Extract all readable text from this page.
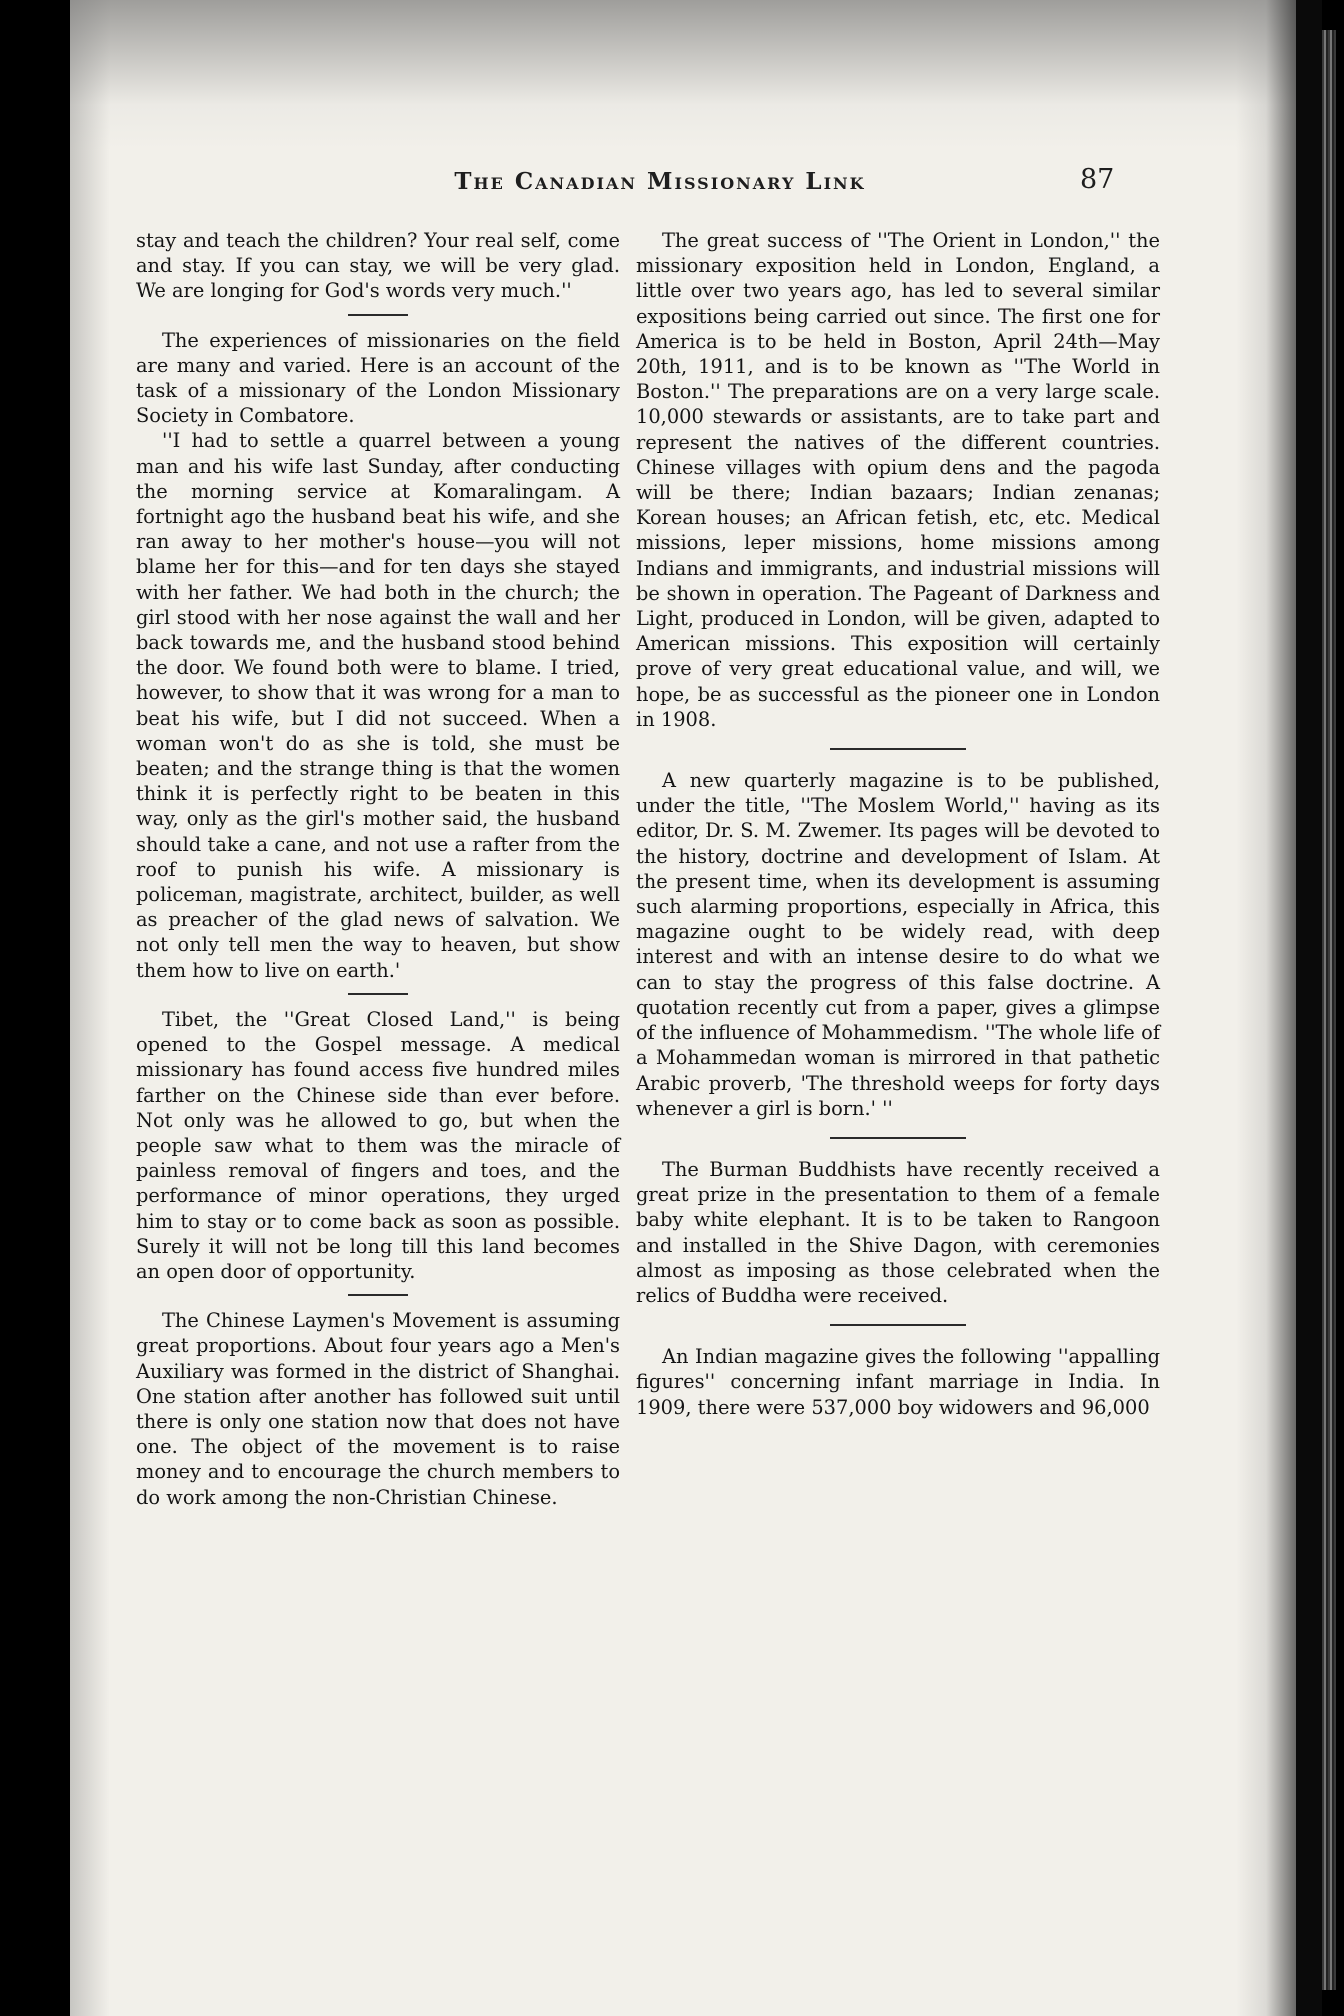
The Canadian Missionary Link	87

stay and teach the children? Your real self, come and stay. If you can stay, we will be very glad. We are longing for God's words very much.''

The experiences of missionaries on the field are many and varied. Here is an account of the task of a missionary of the London Missionary Society in Combatore.

''I had to settle a quarrel between a young man and his wife last Sunday, after conducting the morning service at Komaralingam. A fortnight ago the husband beat his wife, and she ran away to her mother's house—you will not blame her for this—and for ten days she stayed with her father. We had both in the church; the girl stood with her nose against the wall and her back towards me, and the husband stood behind the door. We found both were to blame. I tried, however, to show that it was wrong for a man to beat his wife, but I did not succeed. When a woman won't do as she is told, she must be beaten; and the strange thing is that the women think it is perfectly right to be beaten in this way, only as the girl's mother said, the husband should take a cane, and not use a rafter from the roof to punish his wife. A missionary is policeman, magistrate, architect, builder, as well as preacher of the glad news of salvation. We not only tell men the way to heaven, but show them how to live on earth.'

Tibet, the ''Great Closed Land,'' is being opened to the Gospel message. A medical missionary has found access five hundred miles farther on the Chinese side than ever before. Not only was he allowed to go, but when the people saw what to them was the miracle of painless removal of fingers and toes, and the performance of minor operations, they urged him to stay or to come back as soon as possible. Surely it will not be long till this land becomes an open door of opportunity.

The Chinese Laymen's Movement is assuming great proportions. About four years ago a Men's Auxiliary was formed in the district of Shanghai. One station after another has followed suit until there is only one station now that does not have one. The object of the movement is to raise money and to encourage the church members to do work among the non-Christian Chinese.

The great success of ''The Orient in London,'' the missionary exposition held in London, England, a little over two years ago, has led to several similar expositions being carried out since. The first one for America is to be held in Boston, April 24th—May 20th, 1911, and is to be known as ''The World in Boston.'' The preparations are on a very large scale. 10,000 stewards or assistants, are to take part and represent the natives of the different countries. Chinese villages with opium dens and the pagoda will be there; Indian bazaars; Indian zenanas; Korean houses; an African fetish, etc, etc. Medical missions, leper missions, home missions among Indians and immigrants, and industrial missions will be shown in operation. The Pageant of Darkness and Light, produced in London, will be given, adapted to American missions. This exposition will certainly prove of very great educational value, and will, we hope, be as successful as the pioneer one in London in 1908.

A new quarterly magazine is to be published, under the title, ''The Moslem World,'' having as its editor, Dr. S. M. Zwemer. Its pages will be devoted to the history, doctrine and development of Islam. At the present time, when its development is assuming such alarming proportions, especially in Africa, this magazine ought to be widely read, with deep interest and with an intense desire to do what we can to stay the progress of this false doctrine. A quotation recently cut from a paper, gives a glimpse of the influence of Mohammedism. ''The whole life of a Mohammedan woman is mirrored in that pathetic Arabic proverb, 'The threshold weeps for forty days whenever a girl is born.' ''

The Burman Buddhists have recently received a great prize in the presentation to them of a female baby white elephant. It is to be taken to Rangoon and installed in the Shive Dagon, with ceremonies almost as imposing as those celebrated when the relics of Buddha were received.

An Indian magazine gives the following ''appalling figures'' concerning infant marriage in India. In 1909, there were 537,000 boy widowers and 96,000
